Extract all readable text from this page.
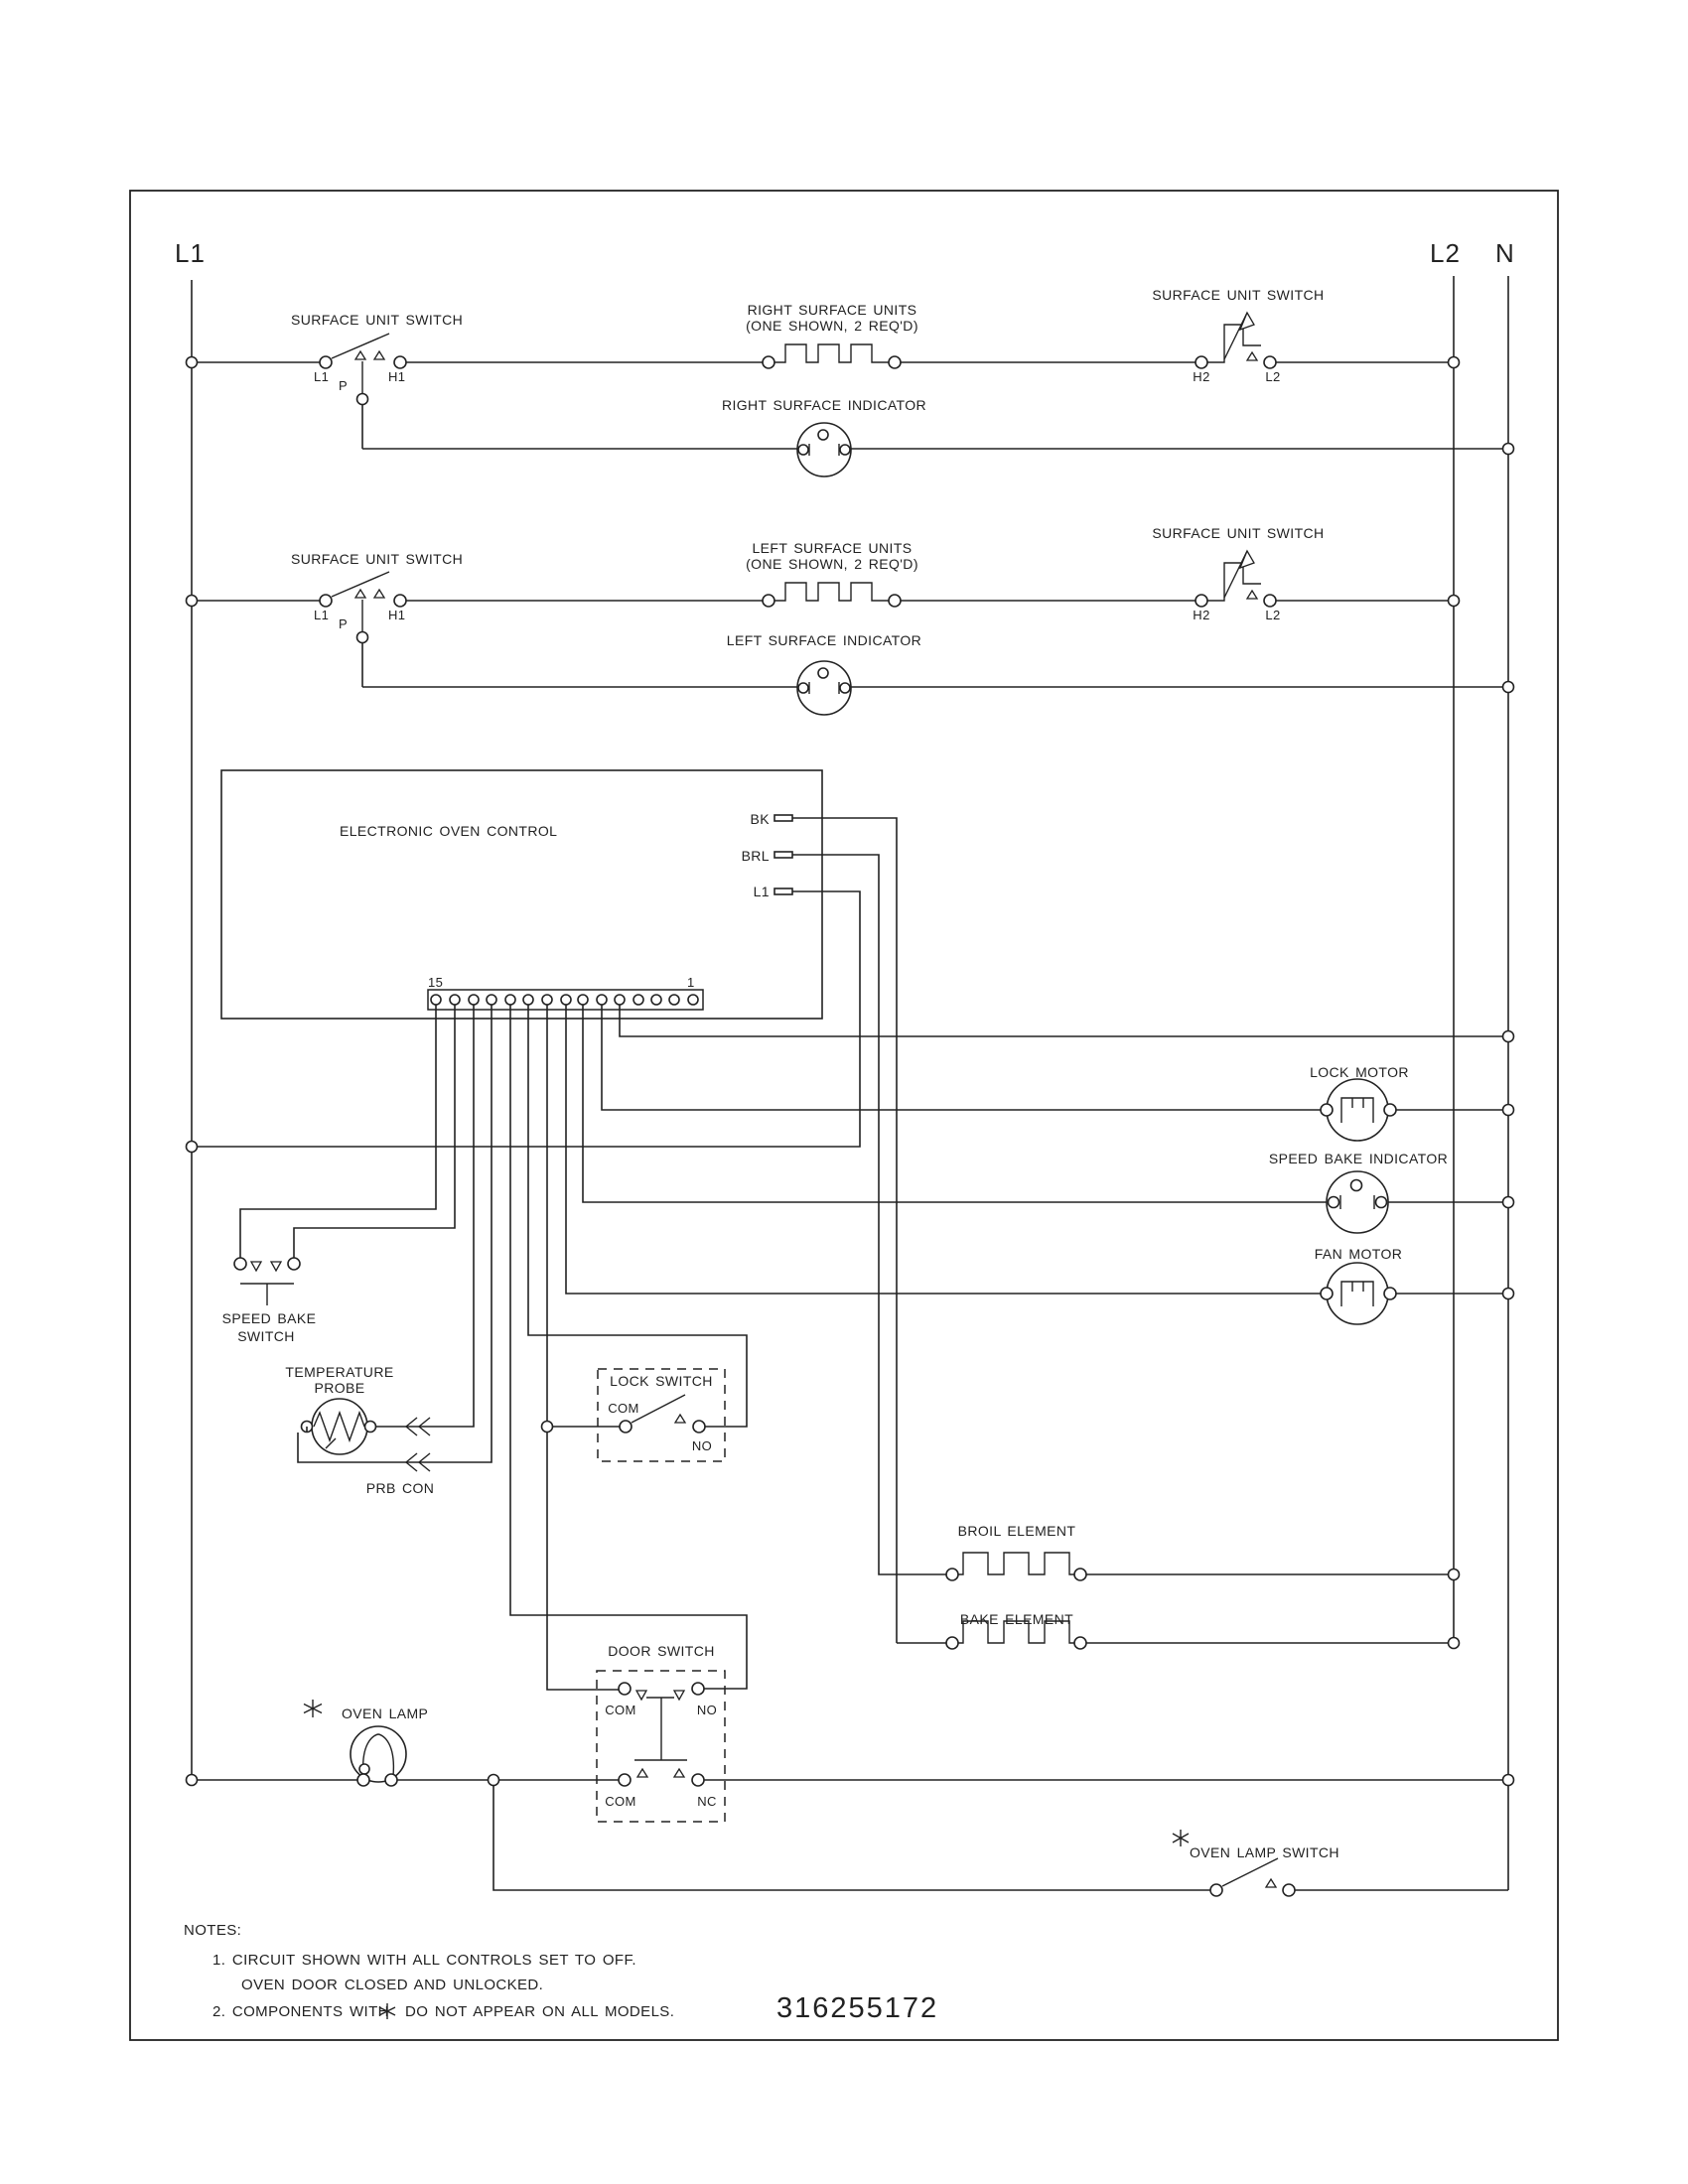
L1	L2 N
SURFACE UNIT SWITCH
L1
P
H1
RIGHT SURFACE UNITS
(ONE SHOWN, 2 REQ'D)
SURFACE UNIT SWITCH
H2	L2
RIGHT SURFACE INDICATOR
SURFACE UNIT SWITCH
L1
P
H1
LEFT SURFACE UNITS
(ONE SHOWN, 2 REQ'D)
SURFACE UNIT SWITCH
H2	L2
LEFT SURFACE INDICATOR
ELECTRONIC OVEN CONTROL
BK
BRL
L1
15	1
LOCK MOTOR
SPEED BAKE INDICATOR
FAN MOTOR
SPEED BAKE
SWITCH
TEMPERATURE
PROBE
PRB CON
LOCK SWITCH
COM
NO
BROIL ELEMENT
BAKE ELEMENT
DOOR SWITCH
COM	NO
COM	NC
OVEN LAMP
OVEN LAMP SWITCH
NOTES:
1. CIRCUIT SHOWN WITH ALL CONTROLS SET TO OFF.
OVEN DOOR CLOSED AND UNLOCKED.
2. COMPONENTS WITH DO NOT APPEAR ON ALL MODELS.	316255172
